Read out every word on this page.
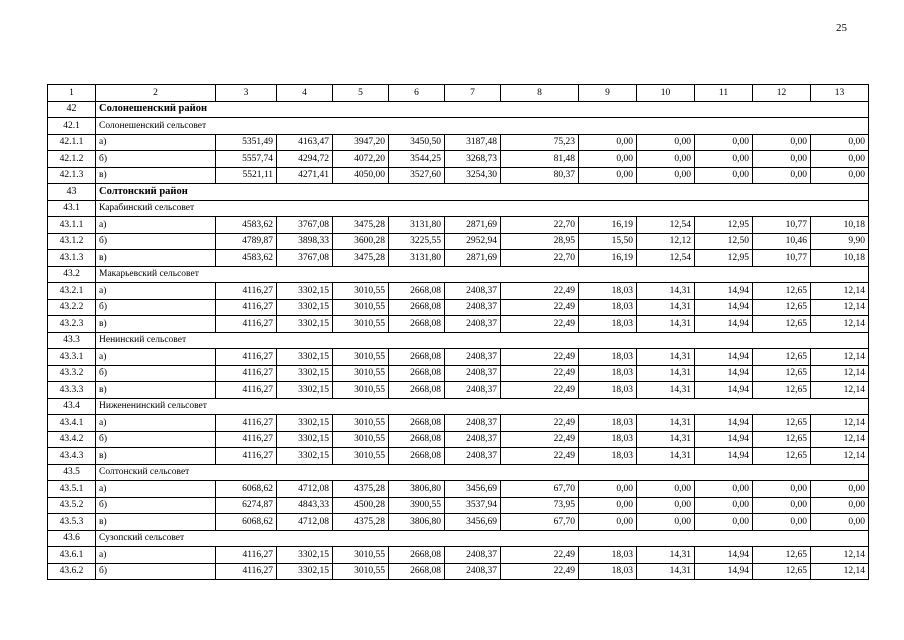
25
1	2	3	4	5	6	7	8	9	10	11	12	13
42	Солонешенский район											
42.1	Солонешенский сельсовет											
42.1.1	а)	5351,49	4163,47	3947,20	3450,50	3187,48	75,23	0,00	0,00	0,00	0,00	0,00
42.1.2	б)	5557,74	4294,72	4072,20	3544,25	3268,73	81,48	0,00	0,00	0,00	0,00	0,00
42.1.3	в)	5521,11	4271,41	4050,00	3527,60	3254,30	80,37	0,00	0,00	0,00	0,00	0,00
43	Солтонский район											
43.1	Карабинский сельсовет											
43.1.1	а)	4583,62	3767,08	3475,28	3131,80	2871,69	22,70	16,19	12,54	12,95	10,77	10,18
43.1.2	б)	4789,87	3898,33	3600,28	3225,55	2952,94	28,95	15,50	12,12	12,50	10,46	9,90
43.1.3	в)	4583,62	3767,08	3475,28	3131,80	2871,69	22,70	16,19	12,54	12,95	10,77	10,18
43.2	Макарьевский сельсовет											
43.2.1	а)	4116,27	3302,15	3010,55	2668,08	2408,37	22,49	18,03	14,31	14,94	12,65	12,14
43.2.2	б)	4116,27	3302,15	3010,55	2668,08	2408,37	22,49	18,03	14,31	14,94	12,65	12,14
43.2.3	в)	4116,27	3302,15	3010,55	2668,08	2408,37	22,49	18,03	14,31	14,94	12,65	12,14
43.3	Ненинский сельсовет											
43.3.1	а)	4116,27	3302,15	3010,55	2668,08	2408,37	22,49	18,03	14,31	14,94	12,65	12,14
43.3.2	б)	4116,27	3302,15	3010,55	2668,08	2408,37	22,49	18,03	14,31	14,94	12,65	12,14
43.3.3	в)	4116,27	3302,15	3010,55	2668,08	2408,37	22,49	18,03	14,31	14,94	12,65	12,14
43.4	Нижененинский сельсовет											
43.4.1	а)	4116,27	3302,15	3010,55	2668,08	2408,37	22,49	18,03	14,31	14,94	12,65	12,14
43.4.2	б)	4116,27	3302,15	3010,55	2668,08	2408,37	22,49	18,03	14,31	14,94	12,65	12,14
43.4.3	в)	4116,27	3302,15	3010,55	2668,08	2408,37	22,49	18,03	14,31	14,94	12,65	12,14
43.5	Солтонский сельсовет											
43.5.1	а)	6068,62	4712,08	4375,28	3806,80	3456,69	67,70	0,00	0,00	0,00	0,00	0,00
43.5.2	б)	6274,87	4843,33	4500,28	3900,55	3537,94	73,95	0,00	0,00	0,00	0,00	0,00
43.5.3	в)	6068,62	4712,08	4375,28	3806,80	3456,69	67,70	0,00	0,00	0,00	0,00	0,00
43.6	Сузопский сельсовет											
43.6.1	а)	4116,27	3302,15	3010,55	2668,08	2408,37	22,49	18,03	14,31	14,94	12,65	12,14
43.6.2	б)	4116,27	3302,15	3010,55	2668,08	2408,37	22,49	18,03	14,31	14,94	12,65	12,14
